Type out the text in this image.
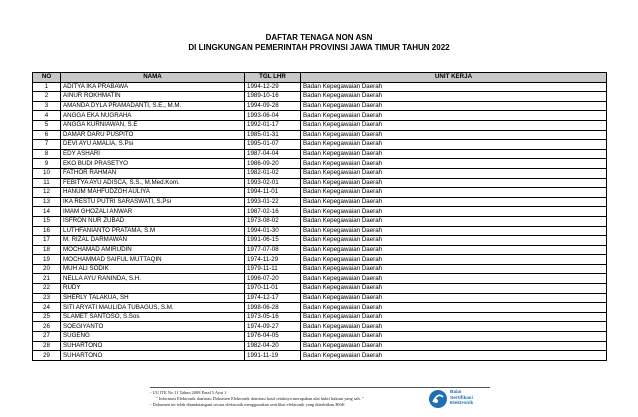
DAFTAR TENAGA NON ASN
DI LINGKUNGAN PEMERINTAH PROVINSI JAWA TIMUR TAHUN 2022
NO	NAMA	TGL LHR	UNIT KERJA
1	ADITYA IKA PRABAWA	1994-12-29	Badan Kepegawaian Daerah
2	AINUR ROKHMATIN	1989-10-16	Badan Kepegawaian Daerah
3	AMANDA DYLA PRAMADANTI, S.E., M.M.	1994-09-28	Badan Kepegawaian Daerah
4	ANGGA EKA NUGRAHA	1993-06-04	Badan Kepegawaian Daerah
5	ANGGA KURNIAWAN, S.E	1992-01-17	Badan Kepegawaian Daerah
6	DAMAR DARU PUSPITO	1985-01-31	Badan Kepegawaian Daerah
7	DEVI AYU AMALIA, S.Psi	1995-01-07	Badan Kepegawaian Daerah
8	EDY ASHARI	1987-04-04	Badan Kepegawaian Daerah
9	EKO BUDI PRASETYO	1986-09-20	Badan Kepegawaian Daerah
10	FATHOR RAHMAN	1982-01-02	Badan Kepegawaian Daerah
11	FEBITYA AYU ADISCA, S.S., M.Med.Kom.	1993-02-01	Badan Kepegawaian Daerah
12	HANUM MAHFUDZOH AULIYA	1994-11-01	Badan Kepegawaian Daerah
13	IKA RESTU PUTRI SARASWATI, S.Psi	1993-01-22	Badan Kepegawaian Daerah
14	IMAM GHOZALI ANWAR	1987-02-16	Badan Kepegawaian Daerah
15	ISFRON NUR ZUBAD	1973-08-02	Badan Kepegawaian Daerah
16	LUTHFANIANTO PRATAMA, S.M	1994-01-30	Badan Kepegawaian Daerah
17	M. RIZAL DARMAWAN	1991-06-15	Badan Kepegawaian Daerah
18	MOCHAMAD AMIRUDIN	1977-07-08	Badan Kepegawaian Daerah
19	MOCHAMMAD SAIFUL MUTTAQIN	1974-11-29	Badan Kepegawaian Daerah
20	MUH ALI SODIK	1979-11-11	Badan Kepegawaian Daerah
21	NELLA AYU RANINDA, S.H.	1996-07-20	Badan Kepegawaian Daerah
22	RUDY	1970-11-01	Badan Kepegawaian Daerah
23	SHERLY TALAKUA, SH	1974-12-17	Badan Kepegawaian Daerah
24	SITI ARYATI MAULIDA TUBAGUS, S.M.	1998-06-28	Badan Kepegawaian Daerah
25	SLAMET SANTOSO, S.Sos	1973-05-16	Badan Kepegawaian Daerah
26	SOEGIYANTO	1974-09-27	Badan Kepegawaian Daerah
27	SUGENG	1976-04-05	Badan Kepegawaian Daerah
28	SUHARTONO	1982-04-20	Badan Kepegawaian Daerah
29	SUHARTONO	1991-11-19	Badan Kepegawaian Daerah
- UU ITE No 11 Tahun 2008 Pasal 5 Ayat 1
" Informasi Elektronik dan/atau Dokumen Elektronik dan/atau hasil cetaknya merupakan alat bukti hukum yang sah. "
- Dokumen ini telah ditandatangani secara elektronik menggunakan sertifikat elektronik yang diterbitkan BSrE
Balai
Sertifikasi
Elektronik
